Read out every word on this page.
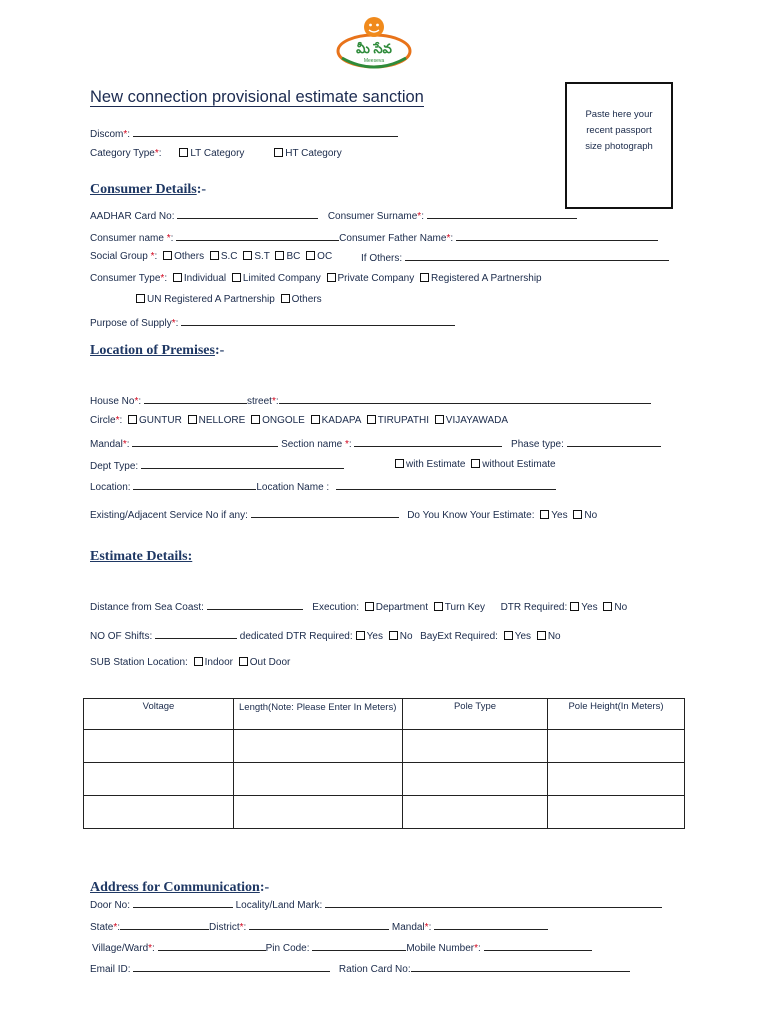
మీ సేవ
Meeseva
New connection provisional estimate sanction
Paste here your recent passport size photograph
Discom*:
Category Type*:	LT Category	HT Category
Consumer Details:-
AADHAR Card No:	Consumer Surname*:
Consumer name *:	Consumer Father Name*:
Social Group *: Others S.C S.T BC OC	If Others:
Consumer Type*: Individual Limited Company Private Company Registered A Partnership
UN Registered A Partnership Others
Purpose of Supply*:
Location of Premises:-
House No*:	street*:
Circle*: GUNTUR NELLORE ONGOLE KADAPA TIRUPATHI VIJAYAWADA
Mandal*:	Section name *:	Phase type:
Dept Type:	with Estimate without Estimate
Location:	Location Name :
Existing/Adjacent Service No if any:	Do You Know Your Estimate: Yes No
Estimate Details:
Distance from Sea Coast:	Execution: Department Turn Key DTR Required: Yes No
NO OF Shifts:	dedicated DTR Required: Yes No BayExt Required: Yes No
SUB Station Location: Indoor Out Door
Voltage	Length(Note: Please Enter In Meters)	Pole Type	Pole Height(In Meters)

Address for Communication:-
Door No:	Locality/Land Mark:
State*:	District*:	Mandal*:
Village/Ward*:	Pin Code:	Mobile Number*:
Email ID:	Ration Card No:
